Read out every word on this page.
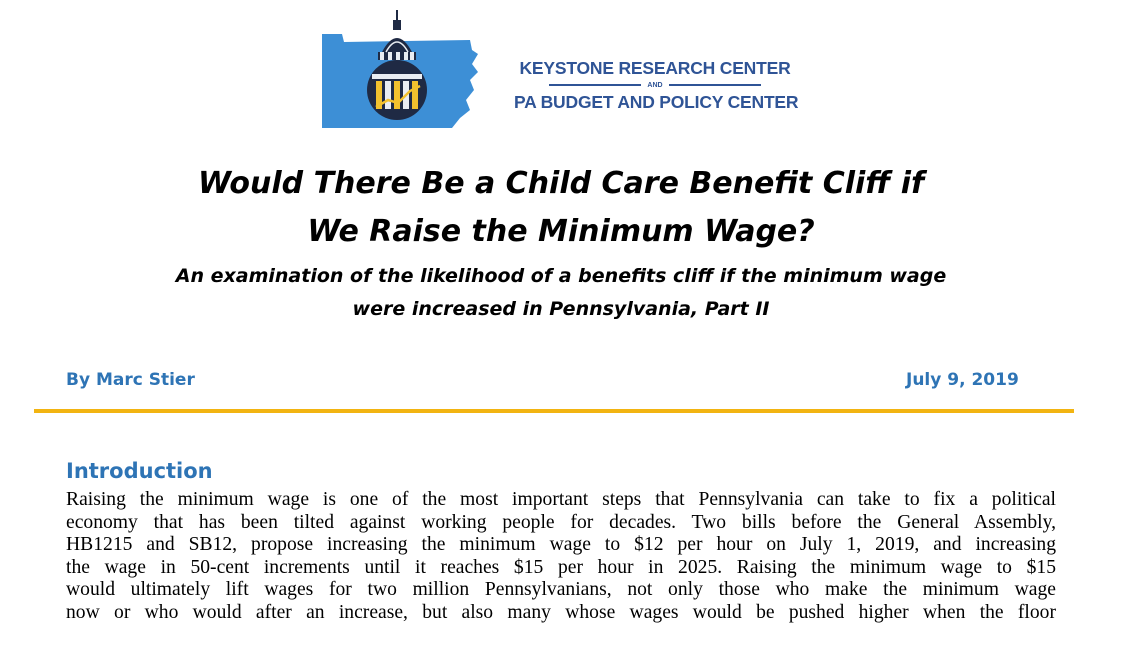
KEYSTONE RESEARCH CENTER
AND
PA BUDGET AND POLICY CENTER
Would There Be a Child Care Benefit Cliff if
We Raise the Minimum Wage?
An examination of the likelihood of a benefits cliff if the minimum wage
were increased in Pennsylvania, Part II
By Marc Stier	July 9, 2019
Introduction
Raising the minimum wage is one of the most important steps that Pennsylvania can take to fix a political
economy that has been tilted against working people for decades. Two bills before the General Assembly,
HB1215 and SB12, propose increasing the minimum wage to $12 per hour on July 1, 2019, and increasing
the wage in 50-cent increments until it reaches $15 per hour in 2025. Raising the minimum wage to $15
would ultimately lift wages for two million Pennsylvanians, not only those who make the minimum wage
now or who would after an increase, but also many whose wages would be pushed higher when the floor
